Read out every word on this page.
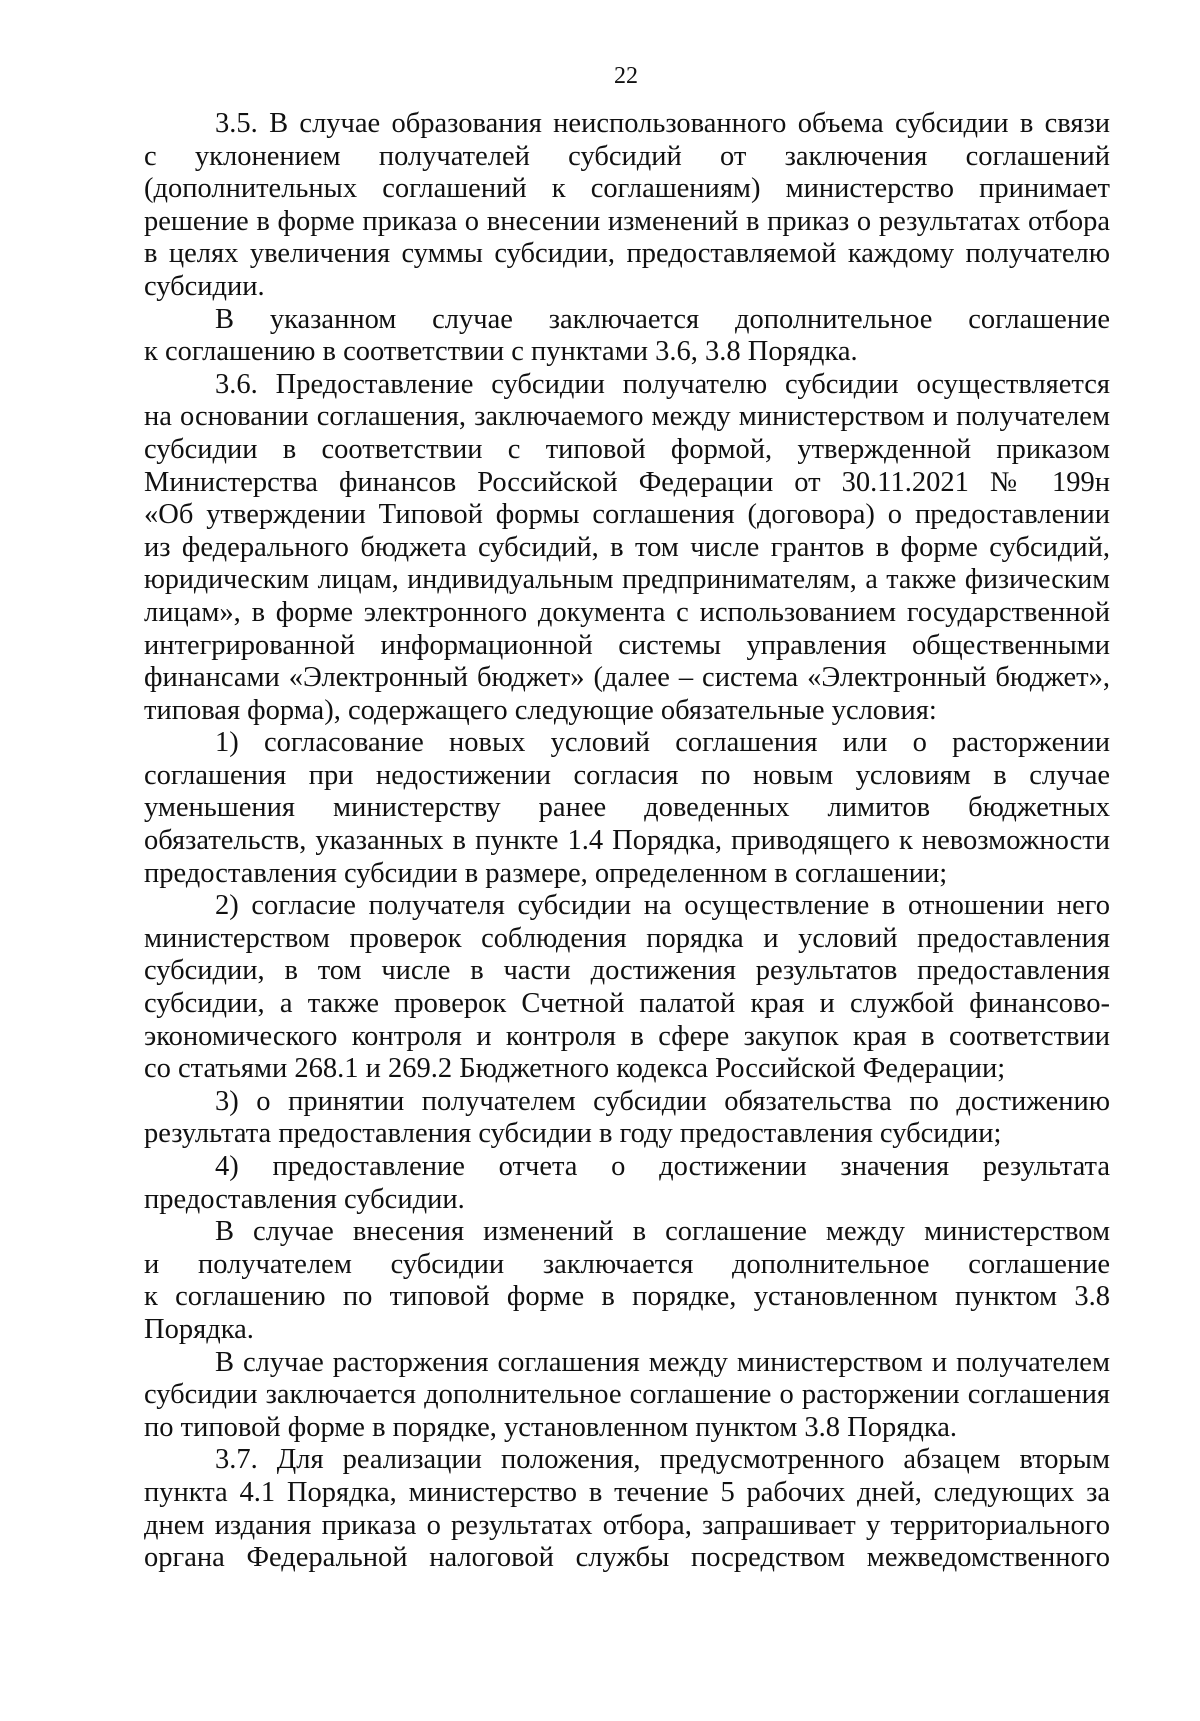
22
3.5. В случае образования неиспользованного объема субсидии в связи
с уклонением получателей субсидий от заключения соглашений
(дополнительных соглашений к соглашениям) министерство принимает
решение в форме приказа о внесении изменений в приказ о результатах отбора
в целях увеличения суммы субсидии, предоставляемой каждому получателю
субсидии.
В указанном случае заключается дополнительное соглашение
к соглашению в соответствии с пунктами 3.6, 3.8 Порядка.
3.6. Предоставление субсидии получателю субсидии осуществляется
на основании соглашения, заключаемого между министерством и получателем
субсидии в соответствии с типовой формой, утвержденной приказом
Министерства финансов Российской Федерации от 30.11.2021 № 199н
«Об утверждении Типовой формы соглашения (договора) о предоставлении
из федерального бюджета субсидий, в том числе грантов в форме субсидий,
юридическим лицам, индивидуальным предпринимателям, а также физическим
лицам», в форме электронного документа с использованием государственной
интегрированной информационной системы управления общественными
финансами «Электронный бюджет» (далее – система «Электронный бюджет»,
типовая форма), содержащего следующие обязательные условия:
1) согласование новых условий соглашения или о расторжении
соглашения при недостижении согласия по новым условиям в случае
уменьшения министерству ранее доведенных лимитов бюджетных
обязательств, указанных в пункте 1.4 Порядка, приводящего к невозможности
предоставления субсидии в размере, определенном в соглашении;
2) согласие получателя субсидии на осуществление в отношении него
министерством проверок соблюдения порядка и условий предоставления
субсидии, в том числе в части достижения результатов предоставления
субсидии, а также проверок Счетной палатой края и службой финансово-
экономического контроля и контроля в сфере закупок края в соответствии
со статьями 268.1 и 269.2 Бюджетного кодекса Российской Федерации;
3) о принятии получателем субсидии обязательства по достижению
результата предоставления субсидии в году предоставления субсидии;
4) предоставление отчета о достижении значения результата
предоставления субсидии.
В случае внесения изменений в соглашение между министерством
и получателем субсидии заключается дополнительное соглашение
к соглашению по типовой форме в порядке, установленном пунктом 3.8
Порядка.
В случае расторжения соглашения между министерством и получателем
субсидии заключается дополнительное соглашение о расторжении соглашения
по типовой форме в порядке, установленном пунктом 3.8 Порядка.
3.7. Для реализации положения, предусмотренного абзацем вторым
пункта 4.1 Порядка, министерство в течение 5 рабочих дней, следующих за
днем издания приказа о результатах отбора, запрашивает у территориального
органа Федеральной налоговой службы посредством межведомственного
